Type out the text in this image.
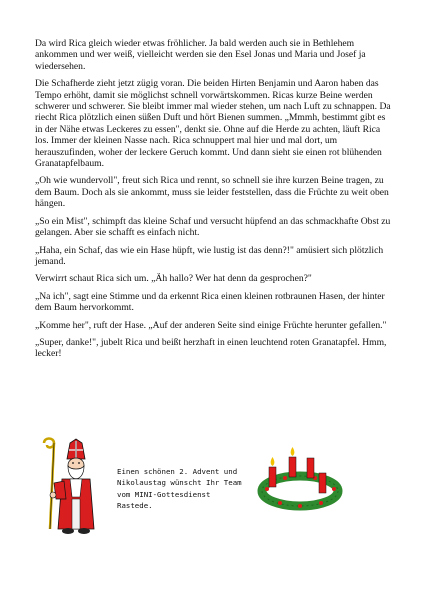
Da wird Rica gleich wieder etwas fröhlicher. Ja bald werden auch sie in Bethlehem ankommen und wer weiß, vielleicht werden sie den Esel Jonas und Maria und Josef ja wiedersehen.

Die Schafherde zieht jetzt zügig voran. Die beiden Hirten Benjamin und Aaron haben das Tempo erhöht, damit sie möglichst schnell vorwärtskommen. Ricas kurze Beine werden schwerer und schwerer. Sie bleibt immer mal wieder stehen, um nach Luft zu schnappen. Da riecht Rica plötzlich einen süßen Duft und hört Bienen summen. „Mmmh, bestimmt gibt es in der Nähe etwas Leckeres zu essen", denkt sie. Ohne auf die Herde zu achten, läuft Rica los. Immer der kleinen Nasse nach. Rica schnuppert mal hier und mal dort, um herauszufinden, woher der leckere Geruch kommt. Und dann sieht sie einen rot blühenden Granatapfelbaum.

„Oh wie wundervoll", freut sich Rica und rennt, so schnell sie ihre kurzen Beine tragen, zu dem Baum. Doch als sie ankommt, muss sie leider feststellen, dass die Früchte zu weit oben hängen.

„So ein Mist", schimpft das kleine Schaf und versucht hüpfend an das schmackhafte Obst zu gelangen. Aber sie schafft es einfach nicht.

„Haha, ein Schaf, das wie ein Hase hüpft, wie lustig ist das denn?!" amüsiert sich plötzlich jemand.

Verwirrt schaut Rica sich um. „Äh hallo? Wer hat denn da gesprochen?"

„Na ich", sagt eine Stimme und da erkennt Rica einen kleinen rotbraunen Hasen, der hinter dem Baum hervorkommt.

„Komme her", ruft der Hase. „Auf der anderen Seite sind einige Früchte herunter gefallen."

„Super, danke!", jubelt Rica und beißt herzhaft in einen leuchtend roten Granatapfel. Hmm, lecker!

Einen schönen 2. Advent und
Nikolaustag wünscht Ihr Team
vom MINI-Gottesdienst
Rastede.
